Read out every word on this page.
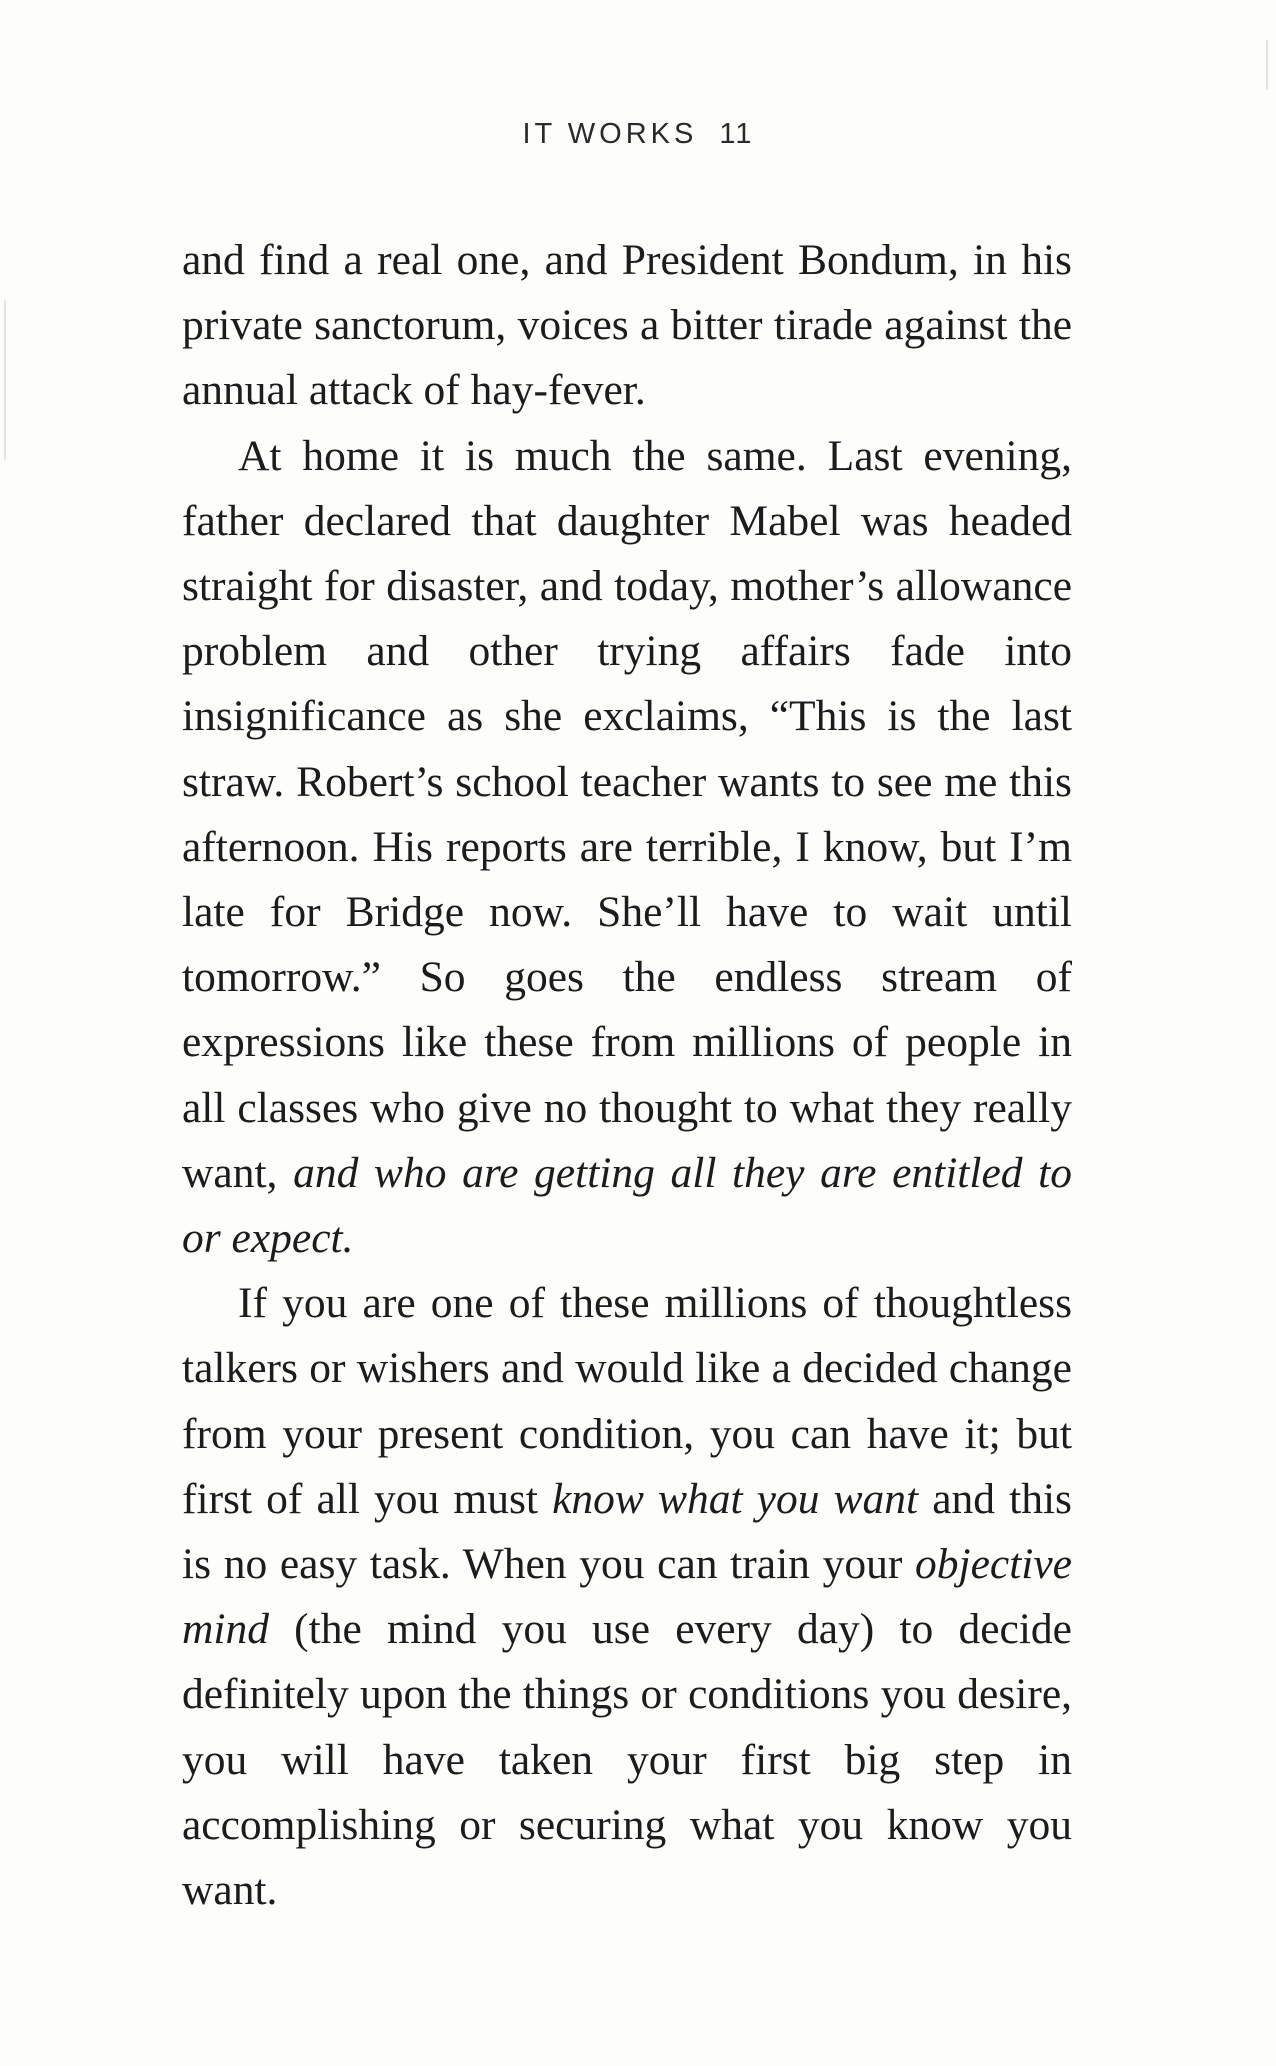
IT WORKS 11

and find a real one, and President Bondum, in his private sanctorum, voices a bitter tirade against the annual attack of hay-fever.

At home it is much the same. Last evening, father declared that daughter Mabel was headed straight for disaster, and today, mother’s allowance problem and other trying affairs fade into insignificance as she exclaims, “This is the last straw. Robert’s school teacher wants to see me this afternoon. His reports are terrible, I know, but I’m late for Bridge now. She’ll have to wait until tomorrow.” So goes the endless stream of expressions like these from millions of people in all classes who give no thought to what they really want, and who are getting all they are entitled to or expect.

If you are one of these millions of thoughtless talkers or wishers and would like a decided change from your present condition, you can have it; but first of all you must know what you want and this is no easy task. When you can train your objective mind (the mind you use every day) to decide definitely upon the things or conditions you desire, you will have taken your first big step in accomplishing or securing what you know you want.
